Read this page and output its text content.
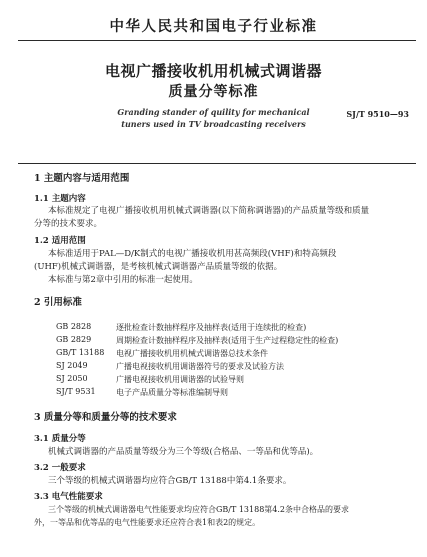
中华人民共和国电子行业标准
电视广播接收机用机械式调谐器
质量分等标准
Granding stander of quility for mechanical
tuners used in TV broadcasting receivers
SJ/T 9510—93
1 主题内容与适用范围
1.1 主题内容
本标准规定了电视广播接收机用机械式调谐器(以下简称调谐器)的产品质量等级和质量
分等的技术要求。
1.2 适用范围
本标准适用于PAL—D/K制式的电视广播接收机用甚高频段(VHF)和特高频段
(UHF)机械式调谐器，是考核机械式调谐器产品质量等级的依据。
本标准与第2章中引用的标准一起使用。
2 引用标准
GB 2828	逐批检查计数抽样程序及抽样表(适用于连续批的检查)
GB 2829	周期检查计数抽样程序及抽样表(适用于生产过程稳定性的检查)
GB/T 13188 电视广播接收机用机械式调谐器总技术条件
SJ 2049	广播电视接收机用调谐器符号的要求及试验方法
SJ 2050	广播电视接收机用调谐器的试验导则
SJ/T 9531	电子产品质量分等标准编制导则
3 质量分等和质量分等的技术要求
3.1 质量分等
机械式调谐器的产品质量等级分为三个等级(合格品、一等品和优等品)。
3.2 一般要求
三个等级的机械式调谐器均应符合GB/T 13188中第4.1条要求。
3.3 电气性能要求
三个等级的机械式调谐器电气性能要求均应符合GB/T 13188第4.2条中合格品的要求
外，一等品和优等品的电气性能要求还应符合表1和表2的规定。
